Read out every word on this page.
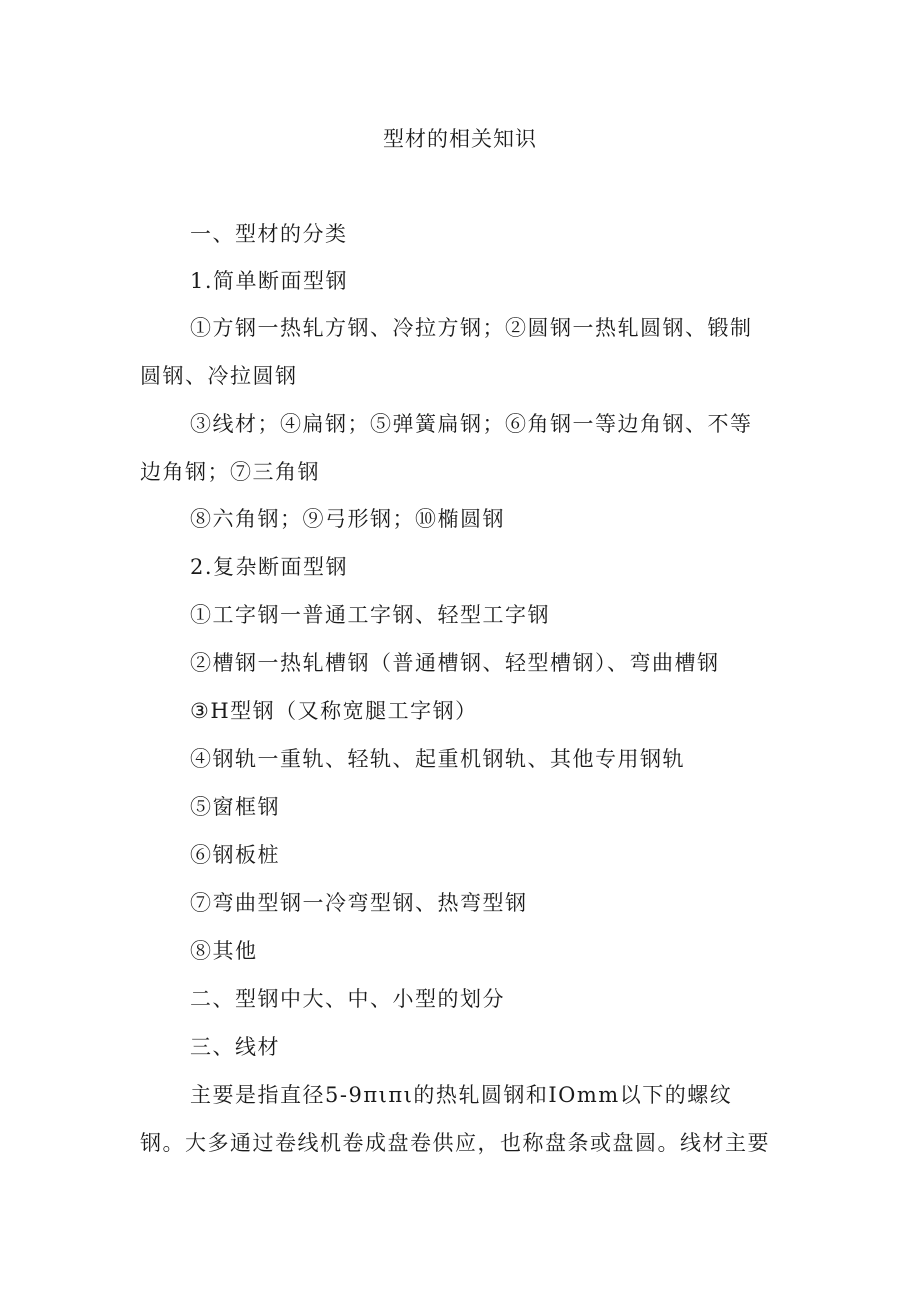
型材的相关知识
一、型材的分类
1.简单断面型钢
①方钢一热轧方钢、冷拉方钢；②圆钢一热轧圆钢、锻制
圆钢、冷拉圆钢
③线材；④扁钢；⑤弹簧扁钢；⑥角钢一等边角钢、不等
边角钢；⑦三角钢
⑧六角钢；⑨弓形钢；⑩椭圆钢
2.复杂断面型钢
①工字钢一普通工字钢、轻型工字钢
②槽钢一热轧槽钢（普通槽钢、轻型槽钢）、弯曲槽钢
③H型钢（又称宽腿工字钢）
④钢轨一重轨、轻轨、起重机钢轨、其他专用钢轨
⑤窗框钢
⑥钢板桩
⑦弯曲型钢一冷弯型钢、热弯型钢
⑧其他
二、型钢中大、中、小型的划分
三、线材
主要是指直径5-9πιπι的热轧圆钢和IOmm以下的螺纹
钢。大多通过卷线机卷成盘卷供应，也称盘条或盘圆。线材主要
